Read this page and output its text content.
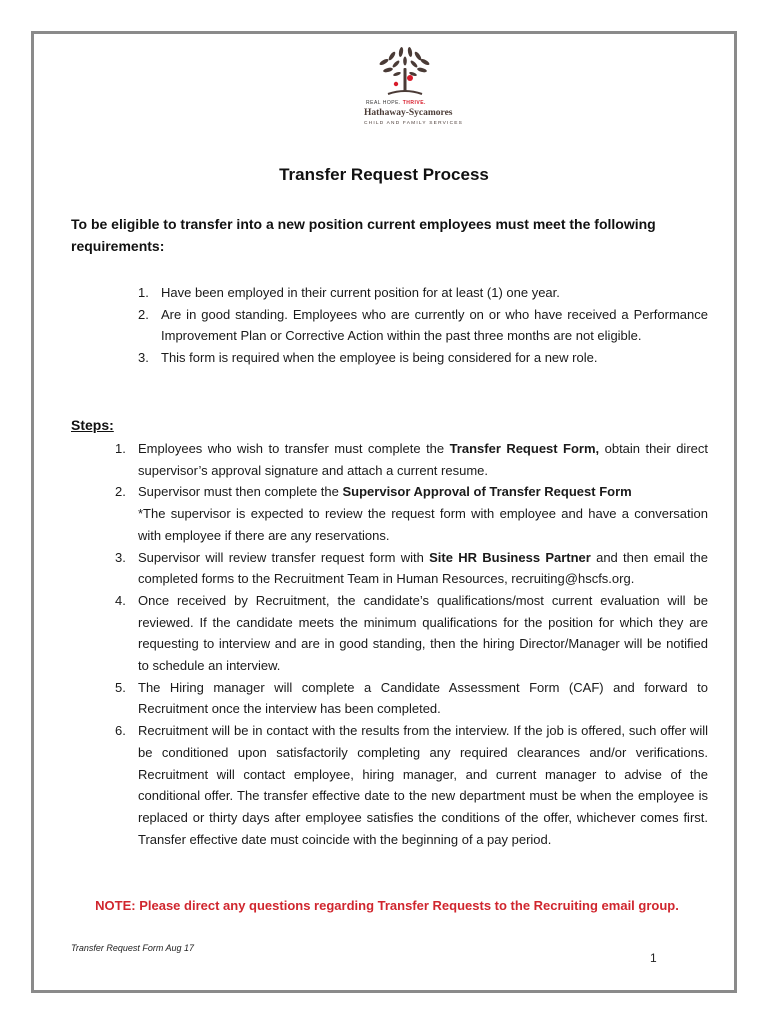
REAL HOPE. THRIVE.
Hathaway-Sycamores
CHILD AND FAMILY SERVICES
Transfer Request Process
To be eligible to transfer into a new position current employees must meet the following requirements:
1. Have been employed in their current position for at least (1) one year.
2. Are in good standing. Employees who are currently on or who have received a Performance Improvement Plan or Corrective Action within the past three months are not eligible.
3. This form is required when the employee is being considered for a new role.
Steps:
1. Employees who wish to transfer must complete the Transfer Request Form, obtain their direct supervisor’s approval signature and attach a current resume.
2. Supervisor must then complete the Supervisor Approval of Transfer Request Form
*The supervisor is expected to review the request form with employee and have a conversation with employee if there are any reservations.
3. Supervisor will review transfer request form with Site HR Business Partner and then email the completed forms to the Recruitment Team in Human Resources, recruiting@hscfs.org.
4. Once received by Recruitment, the candidate’s qualifications/most current evaluation will be reviewed. If the candidate meets the minimum qualifications for the position for which they are requesting to interview and are in good standing, then the hiring Director/Manager will be notified to schedule an interview.
5. The Hiring manager will complete a Candidate Assessment Form (CAF) and forward to Recruitment once the interview has been completed.
6. Recruitment will be in contact with the results from the interview. If the job is offered, such offer will be conditioned upon satisfactorily completing any required clearances and/or verifications. Recruitment will contact employee, hiring manager, and current manager to advise of the conditional offer. The transfer effective date to the new department must be when the employee is replaced or thirty days after employee satisfies the conditions of the offer, whichever comes first. Transfer effective date must coincide with the beginning of a pay period.
NOTE: Please direct any questions regarding Transfer Requests to the Recruiting email group.
Transfer Request Form Aug 17
1
